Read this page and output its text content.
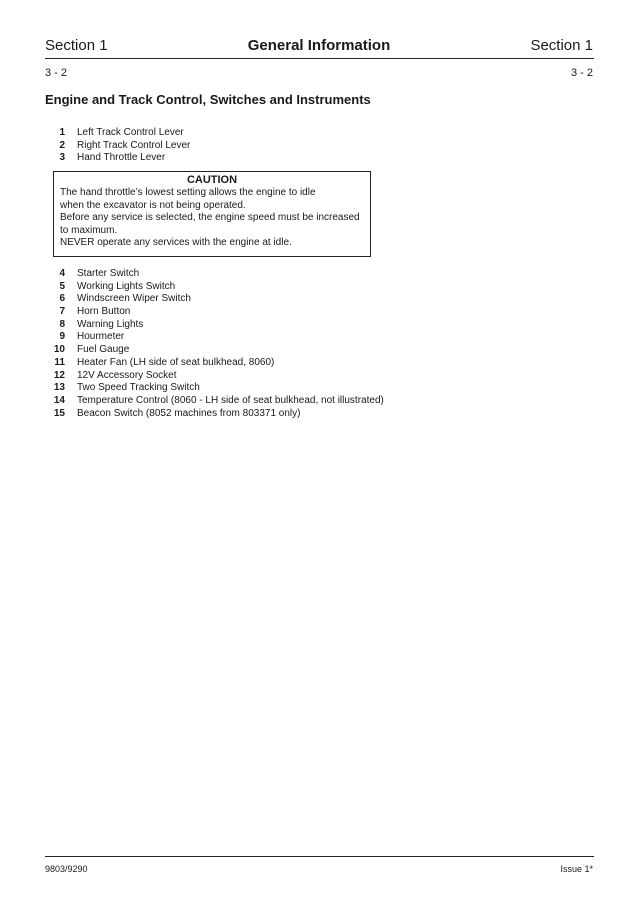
Section 1	General Information	Section 1
3 - 2	3 - 2
Engine and Track Control, Switches and Instruments
1 Left Track Control Lever
2 Right Track Control Lever
3 Hand Throttle Lever
CAUTION
The hand throttle’s lowest setting allows the engine to idle
when the excavator is not being operated.
Before any service is selected, the engine speed must be increased
to maximum.
NEVER operate any services with the engine at idle.
4 Starter Switch
5 Working Lights Switch
6 Windscreen Wiper Switch
7 Horn Button
8 Warning Lights
9 Hourmeter
10 Fuel Gauge
11 Heater Fan (LH side of seat bulkhead, 8060)
12 12V Accessory Socket
13 Two Speed Tracking Switch
14 Temperature Control (8060 - LH side of seat bulkhead, not illustrated)
15 Beacon Switch (8052 machines from 803371 only)
9803/9290	Issue 1*
